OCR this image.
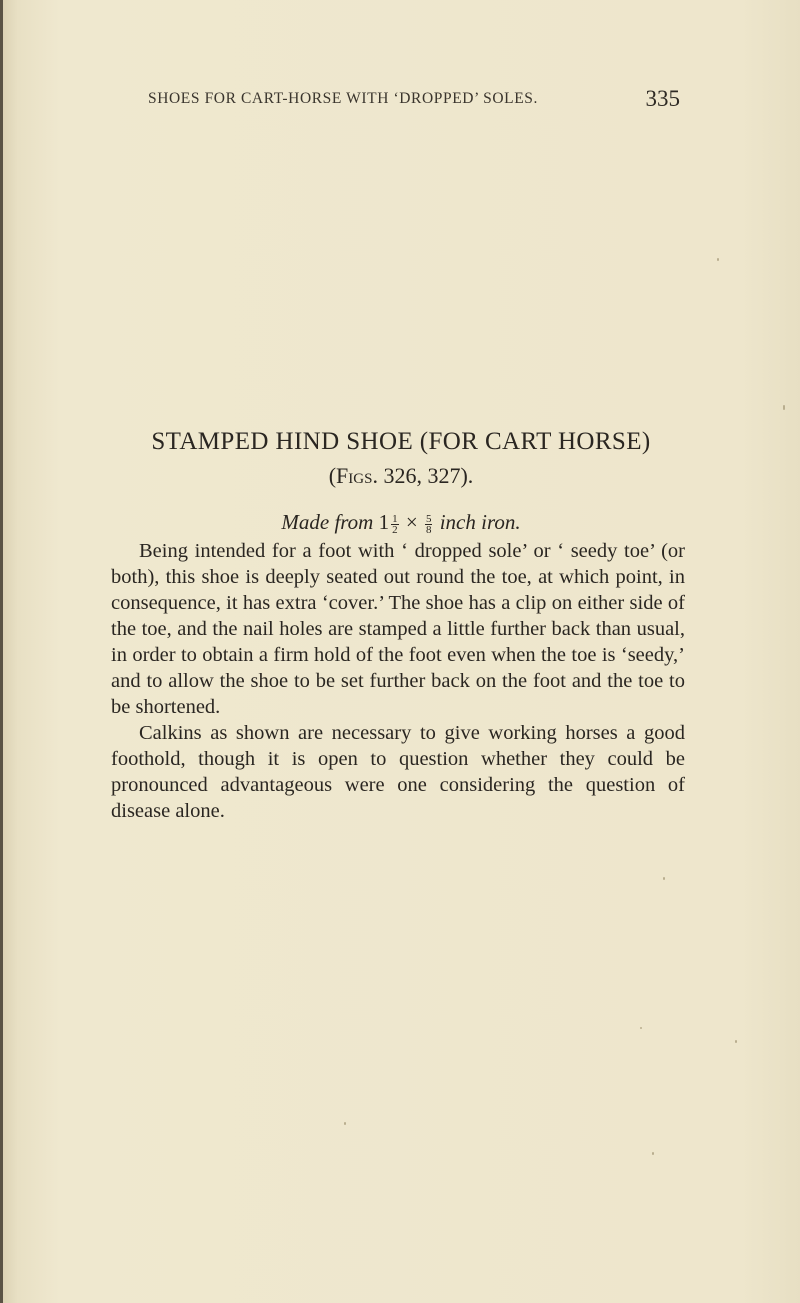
SHOES FOR CART-HORSE WITH ‘DROPPED’ SOLES.	335
STAMPED HIND SHOE (FOR CART HORSE)
(Figs. 326, 327).

Made from $1 \frac{1}{2} \times \frac{5}{8}$ inch iron.

Being intended for a foot with ‘ dropped sole’ or ‘ seedy toe’ (or both), this shoe is deeply seated out round the toe, at which point, in consequence, it has extra ‘cover.’ The shoe has a clip on either side of the toe, and the nail holes are stamped a little further back than usual, in order to obtain a firm hold of the foot even when the toe is ‘seedy,’ and to allow the shoe to be set further back on the foot and the toe to be shortened.

Calkins as shown are necessary to give working horses a good foothold, though it is open to question whether they could be pronounced advantageous were one considering the question of disease alone.
